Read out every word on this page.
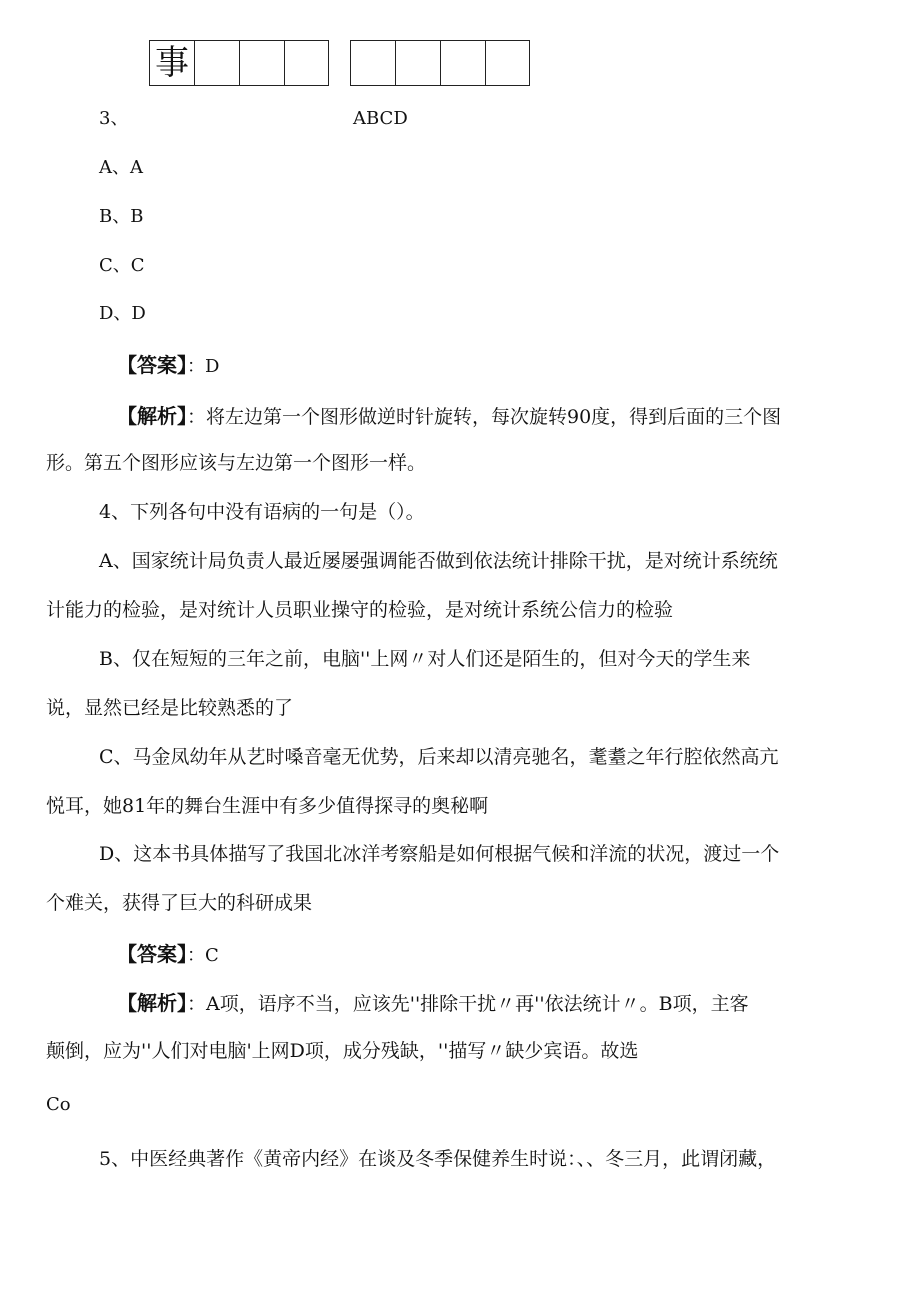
事
3、	ABCD
A、A
B、B
C、C
D、D
【答案】：D
【解析】：将左边第一个图形做逆时针旋转，每次旋转90度，得到后面的三个图
形。第五个图形应该与左边第一个图形一样。
4、下列各句中没有语病的一句是（）。
A、国家统计局负责人最近屡屡强调能否做到依法统计排除干扰，是对统计系统统
计能力的检验，是对统计人员职业操守的检验，是对统计系统公信力的检验
B、仅在短短的三年之前，电脑''上网〃对人们还是陌生的，但对今天的学生来
说，显然已经是比较熟悉的了
C、马金凤幼年从艺时嗓音毫无优势，后来却以清亮驰名，耄耋之年行腔依然高亢
悦耳，她81年的舞台生涯中有多少值得探寻的奥秘啊
D、这本书具体描写了我国北冰洋考察船是如何根据气候和洋流的状况，渡过一个
个难关，获得了巨大的科研成果
【答案】：C
【解析】：A项，语序不当，应该先''排除干扰〃再''依法统计〃。B项，主客
颠倒，应为''人们对电脑'上网D项，成分残缺，''描写〃缺少宾语。故选
Co
5、中医经典著作《黄帝内经》在谈及冬季保健养生时说：、、冬三月，此谓闭藏，
